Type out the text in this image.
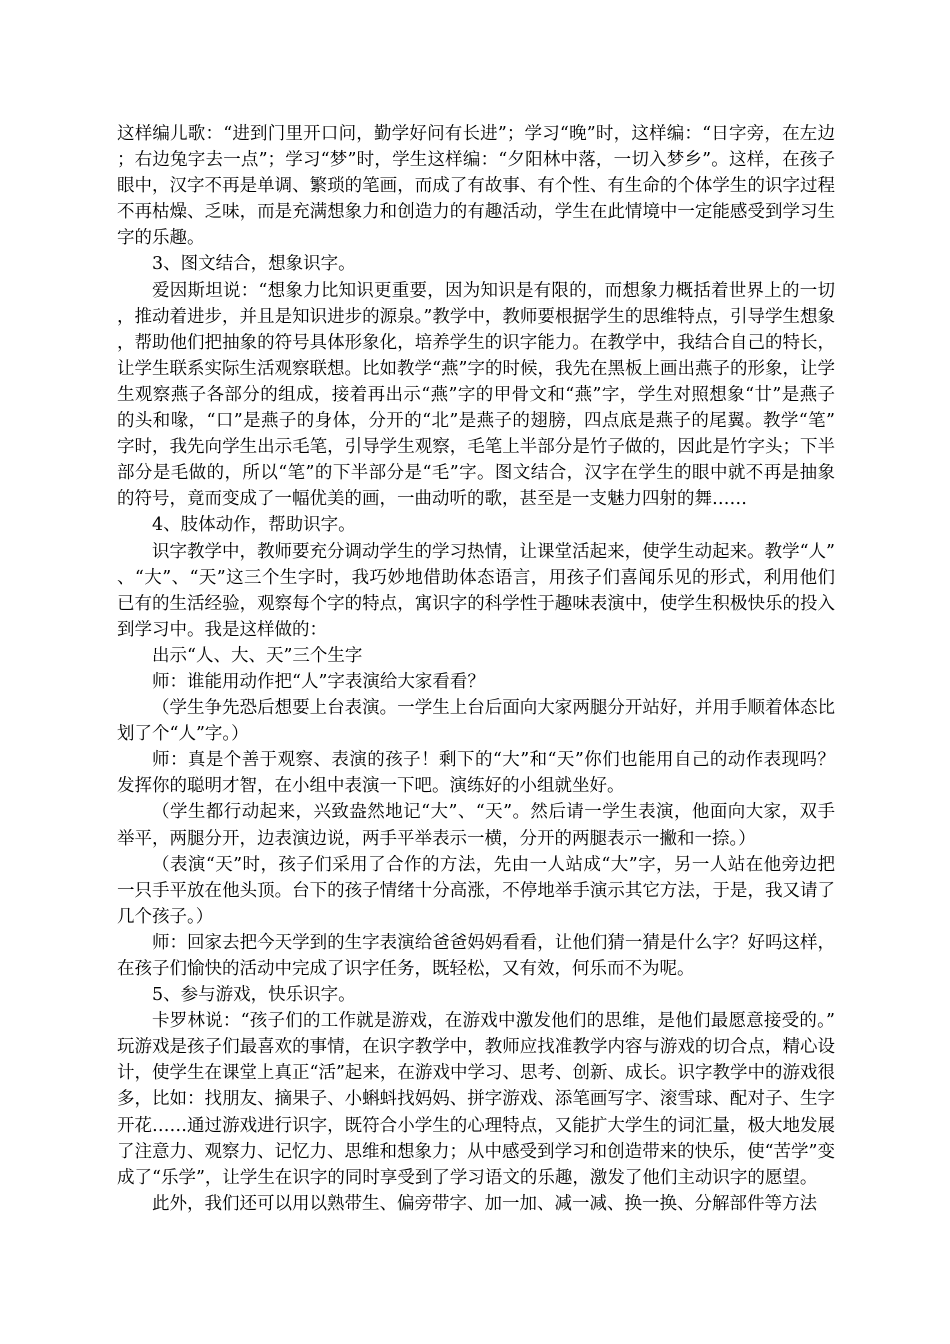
这样编儿歌：“进到门里开口问，勤学好问有长进”；学习“晚”时，这样编：“日字旁，在左边；右边兔字去一点”；学习“梦”时，学生这样编：“夕阳林中落，一切入梦乡”。这样，在孩子眼中，汉字不再是单调、繁琐的笔画，而成了有故事、有个性、有生命的个体学生的识字过程不再枯燥、乏味，而是充满想象力和创造力的有趣活动，学生在此情境中一定能感受到学习生字的乐趣。

3、图文结合，想象识字。

爱因斯坦说：“想象力比知识更重要，因为知识是有限的，而想象力概括着世界上的一切，推动着进步，并且是知识进步的源泉。”教学中，教师要根据学生的思维特点，引导学生想象，帮助他们把抽象的符号具体形象化，培养学生的识字能力。在教学中，我结合自己的特长，让学生联系实际生活观察联想。比如教学“燕”字的时候，我先在黑板上画出燕子的形象，让学生观察燕子各部分的组成，接着再出示“燕”字的甲骨文和“燕”字，学生对照想象“廿”是燕子的头和喙，“口”是燕子的身体，分开的“北”是燕子的翅膀，四点底是燕子的尾翼。教学“笔”字时，我先向学生出示毛笔，引导学生观察，毛笔上半部分是竹子做的，因此是竹字头；下半部分是毛做的，所以“笔”的下半部分是“毛”字。图文结合，汉字在学生的眼中就不再是抽象的符号，竟而变成了一幅优美的画，一曲动听的歌，甚至是一支魅力四射的舞……

4、肢体动作，帮助识字。

识字教学中，教师要充分调动学生的学习热情，让课堂活起来，使学生动起来。教学“人”、“大”、“天”这三个生字时，我巧妙地借助体态语言，用孩子们喜闻乐见的形式，利用他们已有的生活经验，观察每个字的特点，寓识字的科学性于趣味表演中，使学生积极快乐的投入到学习中。我是这样做的：

出示“人、大、天”三个生字

师：谁能用动作把“人”字表演给大家看看？

（学生争先恐后想要上台表演。一学生上台后面向大家两腿分开站好，并用手顺着体态比划了个“人”字。）

师：真是个善于观察、表演的孩子！剩下的“大”和“天”你们也能用自己的动作表现吗？发挥你的聪明才智，在小组中表演一下吧。演练好的小组就坐好。

（学生都行动起来，兴致盎然地记“大”、“天”。然后请一学生表演，他面向大家，双手举平，两腿分开，边表演边说，两手平举表示一横，分开的两腿表示一撇和一捺。）

（表演“天”时，孩子们采用了合作的方法，先由一人站成“大”字，另一人站在他旁边把一只手平放在他头顶。台下的孩子情绪十分高涨，不停地举手演示其它方法，于是，我又请了几个孩子。）

师：回家去把今天学到的生字表演给爸爸妈妈看看，让他们猜一猜是什么字？好吗这样，在孩子们愉快的活动中完成了识字任务，既轻松，又有效，何乐而不为呢。

5、参与游戏，快乐识字。

卡罗林说：“孩子们的工作就是游戏，在游戏中激发他们的思维，是他们最愿意接受的。”玩游戏是孩子们最喜欢的事情，在识字教学中，教师应找准教学内容与游戏的切合点，精心设计，使学生在课堂上真正“活”起来，在游戏中学习、思考、创新、成长。识字教学中的游戏很多，比如：找朋友、摘果子、小蝌蚪找妈妈、拼字游戏、添笔画写字、滚雪球、配对子、生字开花……通过游戏进行识字，既符合小学生的心理特点，又能扩大学生的词汇量，极大地发展了注意力、观察力、记忆力、思维和想象力；从中感受到学习和创造带来的快乐，使“苦学”变成了“乐学”，让学生在识字的同时享受到了学习语文的乐趣，激发了他们主动识字的愿望。

此外，我们还可以用以熟带生、偏旁带字、加一加、减一减、换一换、分解部件等方法
